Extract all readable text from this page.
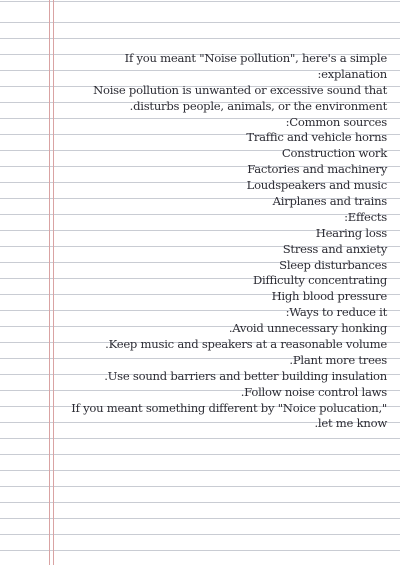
If you meant "Noise pollution", here's a simple
:explanation
Noise pollution is unwanted or excessive sound that
.disturbs people, animals, or the environment
:Common sources
Traffic and vehicle horns
Construction work
Factories and machinery
Loudspeakers and music
Airplanes and trains
:Effects
Hearing loss
Stress and anxiety
Sleep disturbances
Difficulty concentrating
High blood pressure
:Ways to reduce it
.Avoid unnecessary honking
.Keep music and speakers at a reasonable volume
.Plant more trees
.Use sound barriers and better building insulation
.Follow noise control laws
If you meant something different by "Noice polucation,"
.let me know
